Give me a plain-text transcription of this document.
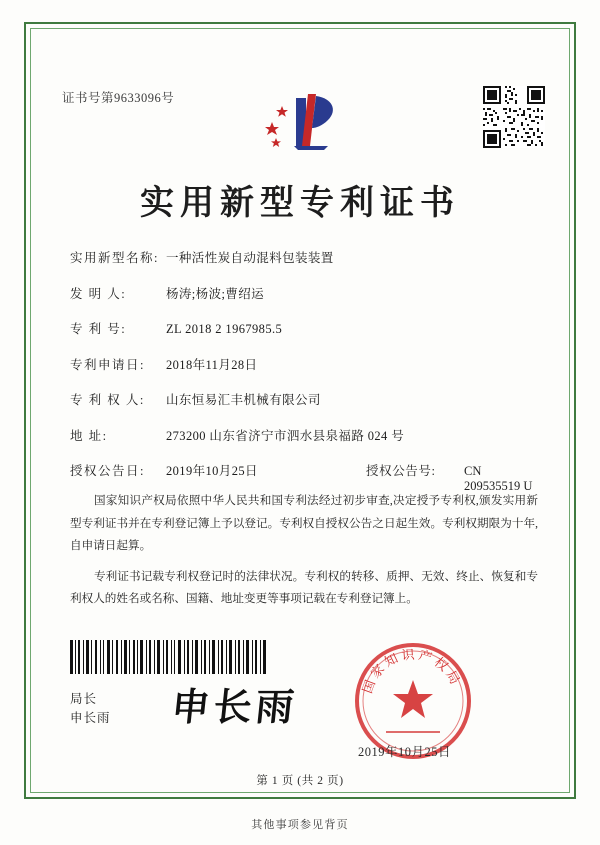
证书号第9633096号
实用新型专利证书
实用新型名称: 一种活性炭自动混料包装装置
发 明 人:	杨涛;杨波;曹绍运
专 利 号:	ZL 2018 2 1967985.5
专利申请日:	2018年11月28日
专 利 权 人:	山东恒易汇丰机械有限公司
地 址:	273200 山东省济宁市泗水县泉福路 024 号
授权公告日:	2019年10月25日	授权公告号:	CN 209535519 U

国家知识产权局依照中华人民共和国专利法经过初步审查,决定授予专利权,颁发实用新型专利证书并在专利登记簿上予以登记。专利权自授权公告之日起生效。专利权期限为十年,自申请日起算。

专利证书记载专利权登记时的法律状况。专利权的转移、质押、无效、终止、恢复和专利权人的姓名或名称、国籍、地址变更等事项记载在专利登记簿上。

局长
申长雨 申长雨
国家知识产权局
2019年10月25日
第 1 页 (共 2 页)
其他事项参见背页
